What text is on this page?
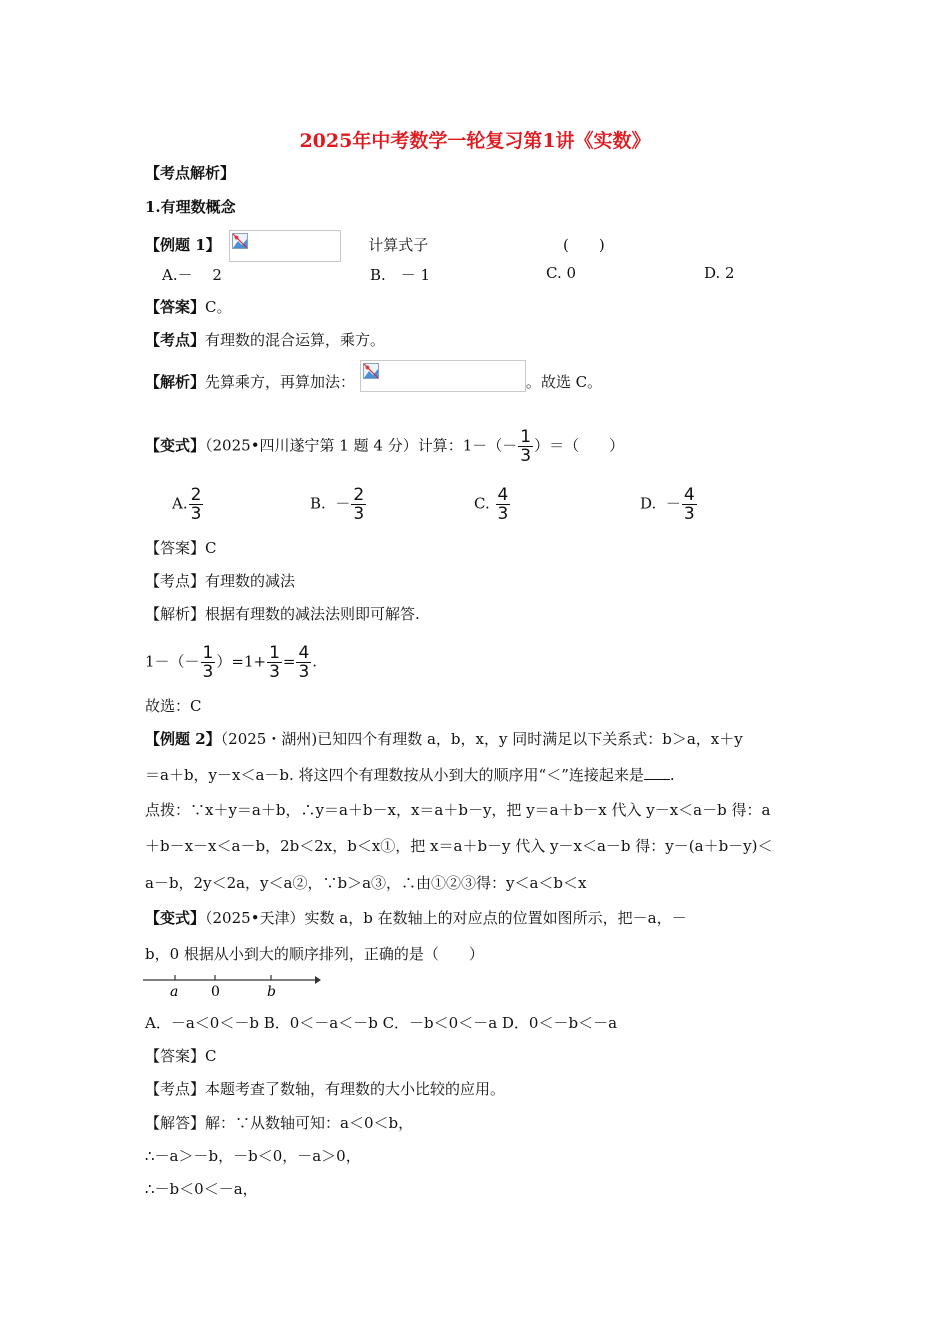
2025年中考数学一轮复习第1讲《实数》
【考点解析】
1.有理数概念
【例题 1】	计算式子	(　　)
A.－　 2	B.　－ 1	C. 0	D. 2
【答案】C。
【考点】有理数的混合运算，乘方。
【解析】先算乘方，再算加法：	。故选 C。
【变式】（2025•四川遂宁第 1 题 4 分）计算：$1-(- \frac{1}{3}$ ）＝（　　）
A. $\frac{2}{3}$	B. － $\frac{2}{3}$	C. $\frac{4}{3}$	D. － $\frac{4}{3}$
【答案】C
【考点】有理数的减法
【解析】根据有理数的减法法则即可解答.
$1-(- \frac{1}{3} )=1+ \frac{1}{3} = \frac{4}{3}$ .
故选：C
【例题 2】（2025・湖州)已知四个有理数 a，b，x，y 同时满足以下关系式：b＞a，x＋y
＝a＋b，y－x＜a－b. 将这四个有理数按从小到大的顺序用“＜”连接起来是 .
点拨：∵x＋y＝a＋b，∴y＝a＋b－x，x＝a＋b－y，把 y＝a＋b－x 代入 y－x＜a－b 得：a
＋b－x－x＜a－b，2b＜2x，b＜x①，把 x＝a＋b－y 代入 y－x＜a－b 得：y－(a＋b－y)＜
a－b，2y＜2a，y＜a②，∵b＞a③，∴由①②③得：y＜a＜b＜x
【变式】（2025•天津）实数 a，b 在数轴上的对应点的位置如图所示，把－a，－
b，0 根据从小到大的顺序排列，正确的是（　　）
a 0	b
A．－a＜0＜－b B．0＜－a＜－b C．－b＜0＜－a D．0＜－b＜－a
【答案】C
【考点】本题考查了数轴，有理数的大小比较的应用。
【解答】解：∵从数轴可知：a＜0＜b，
∴－a＞－b，－b＜0，－a＞0，
∴－b＜0＜－a，
